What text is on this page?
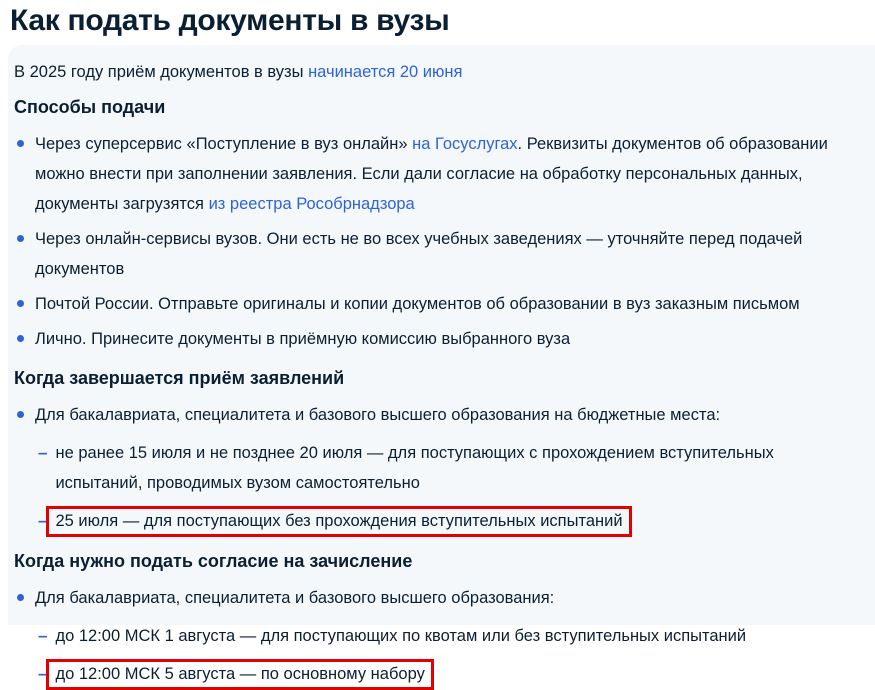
Как подать документы в вузы

В 2025 году приём документов в вузы начинается 20 июня

Способы подачи
Через суперсервис «Поступление в вуз онлайн» на Госуслугах. Реквизиты документов об образовании можно внести при заполнении заявления. Если дали согласие на обработку персональных данных, документы загрузятся из реестра Рособрнадзора
Через онлайн-сервисы вузов. Они есть не во всех учебных заведениях — уточняйте перед подачей документов
Почтой России. Отправьте оригиналы и копии документов об образовании в вуз заказным письмом
Лично. Принесите документы в приёмную комиссию выбранного вуза
Когда завершается приём заявлений
Для бакалавриата, специалитета и базового высшего образования на бюджетные места:
–
не ранее 15 июля и не позднее 20 июля — для поступающих с прохождением вступительных испытаний, проводимых вузом самостоятельно
–
25 июля — для поступающих без прохождения вступительных испытаний
Когда нужно подать согласие на зачисление
Для бакалавриата, специалитета и базового высшего образования:
–
до 12:00 МСК 1 августа — для поступающих по квотам или без вступительных испытаний
–
до 12:00 МСК 5 августа — по основному набору
